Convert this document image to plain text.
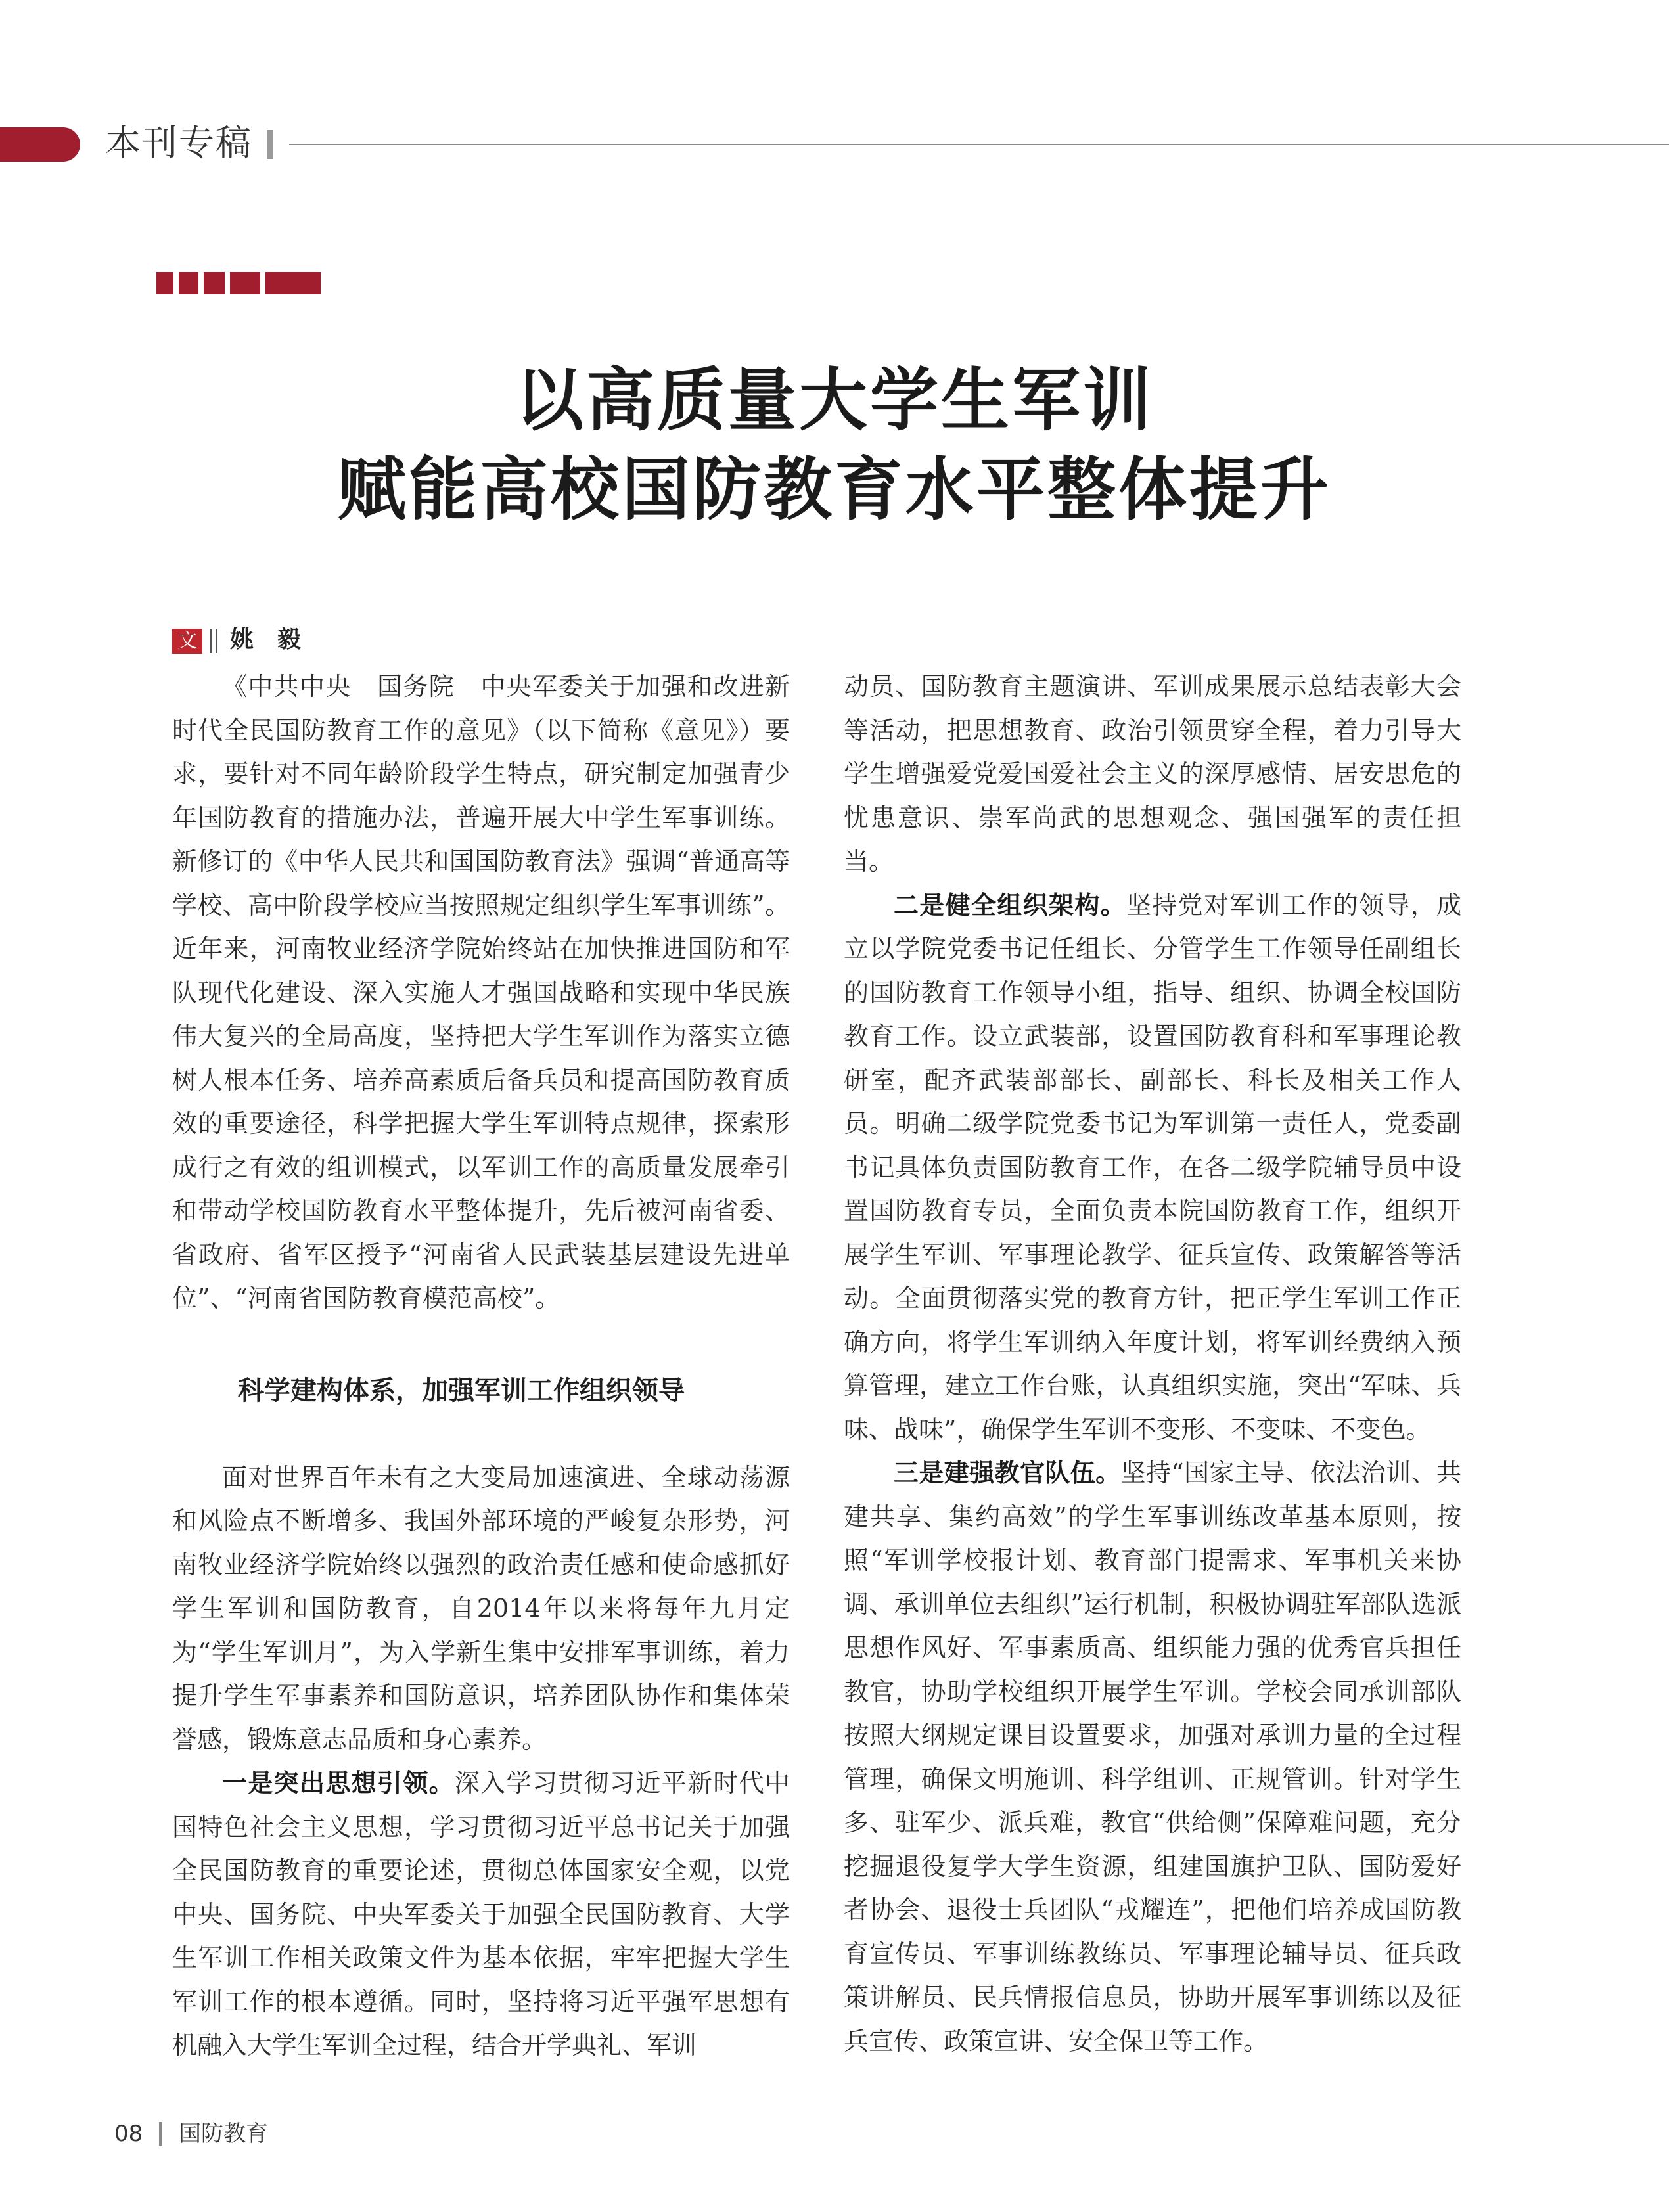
本刊专稿
以高质量大学生军训
赋能高校国防教育水平整体提升
文 姚　毅

《中共中央　国务院　中央军委关于加强和改进新时代全民国防教育工作的意见》（以下简称《意见》）要求，要针对不同年龄阶段学生特点，研究制定加强青少年国防教育的措施办法，普遍开展大中学生军事训练。新修订的《中华人民共和国国防教育法》强调“普通高等学校、高中阶段学校应当按照规定组织学生军事训练”。近年来，河南牧业经济学院始终站在加快推进国防和军队现代化建设、深入实施人才强国战略和实现中华民族伟大复兴的全局高度，坚持把大学生军训作为落实立德树人根本任务、培养高素质后备兵员和提高国防教育质效的重要途径，科学把握大学生军训特点规律，探索形成行之有效的组训模式，以军训工作的高质量发展牵引和带动学校国防教育水平整体提升，先后被河南省委、省政府、省军区授予“河南省人民武装基层建设先进单位”、“河南省国防教育模范高校”。

科学建构体系，加强军训工作组织领导

面对世界百年未有之大变局加速演进、全球动荡源和风险点不断增多、我国外部环境的严峻复杂形势，河南牧业经济学院始终以强烈的政治责任感和使命感抓好学生军训和国防教育，自2014年以来将每年九月定为“学生军训月”，为入学新生集中安排军事训练，着力提升学生军事素养和国防意识，培养团队协作和集体荣誉感，锻炼意志品质和身心素养。

一是突出思想引领。深入学习贯彻习近平新时代中国特色社会主义思想，学习贯彻习近平总书记关于加强全民国防教育的重要论述，贯彻总体国家安全观，以党中央、国务院、中央军委关于加强全民国防教育、大学生军训工作相关政策文件为基本依据，牢牢把握大学生军训工作的根本遵循。同时，坚持将习近平强军思想有机融入大学生军训全过程，结合开学典礼、军训

动员、国防教育主题演讲、军训成果展示总结表彰大会等活动，把思想教育、政治引领贯穿全程，着力引导大学生增强爱党爱国爱社会主义的深厚感情、居安思危的忧患意识、崇军尚武的思想观念、强国强军的责任担当。

二是健全组织架构。坚持党对军训工作的领导，成立以学院党委书记任组长、分管学生工作领导任副组长的国防教育工作领导小组，指导、组织、协调全校国防教育工作。设立武装部，设置国防教育科和军事理论教研室，配齐武装部部长、副部长、科长及相关工作人员。明确二级学院党委书记为军训第一责任人，党委副书记具体负责国防教育工作，在各二级学院辅导员中设置国防教育专员，全面负责本院国防教育工作，组织开展学生军训、军事理论教学、征兵宣传、政策解答等活动。全面贯彻落实党的教育方针，把正学生军训工作正确方向，将学生军训纳入年度计划，将军训经费纳入预算管理，建立工作台账，认真组织实施，突出“军味、兵味、战味”，确保学生军训不变形、不变味、不变色。

三是建强教官队伍。坚持“国家主导、依法治训、共建共享、集约高效”的学生军事训练改革基本原则，按照“军训学校报计划、教育部门提需求、军事机关来协调、承训单位去组织”运行机制，积极协调驻军部队选派思想作风好、军事素质高、组织能力强的优秀官兵担任教官，协助学校组织开展学生军训。学校会同承训部队按照大纲规定课目设置要求，加强对承训力量的全过程管理，确保文明施训、科学组训、正规管训。针对学生多、驻军少、派兵难，教官“供给侧”保障难问题，充分挖掘退役复学大学生资源，组建国旗护卫队、国防爱好者协会、退役士兵团队“戎耀连”，把他们培养成国防教育宣传员、军事训练教练员、军事理论辅导员、征兵政策讲解员、民兵情报信息员，协助开展军事训练以及征兵宣传、政策宣讲、安全保卫等工作。

08 国防教育
